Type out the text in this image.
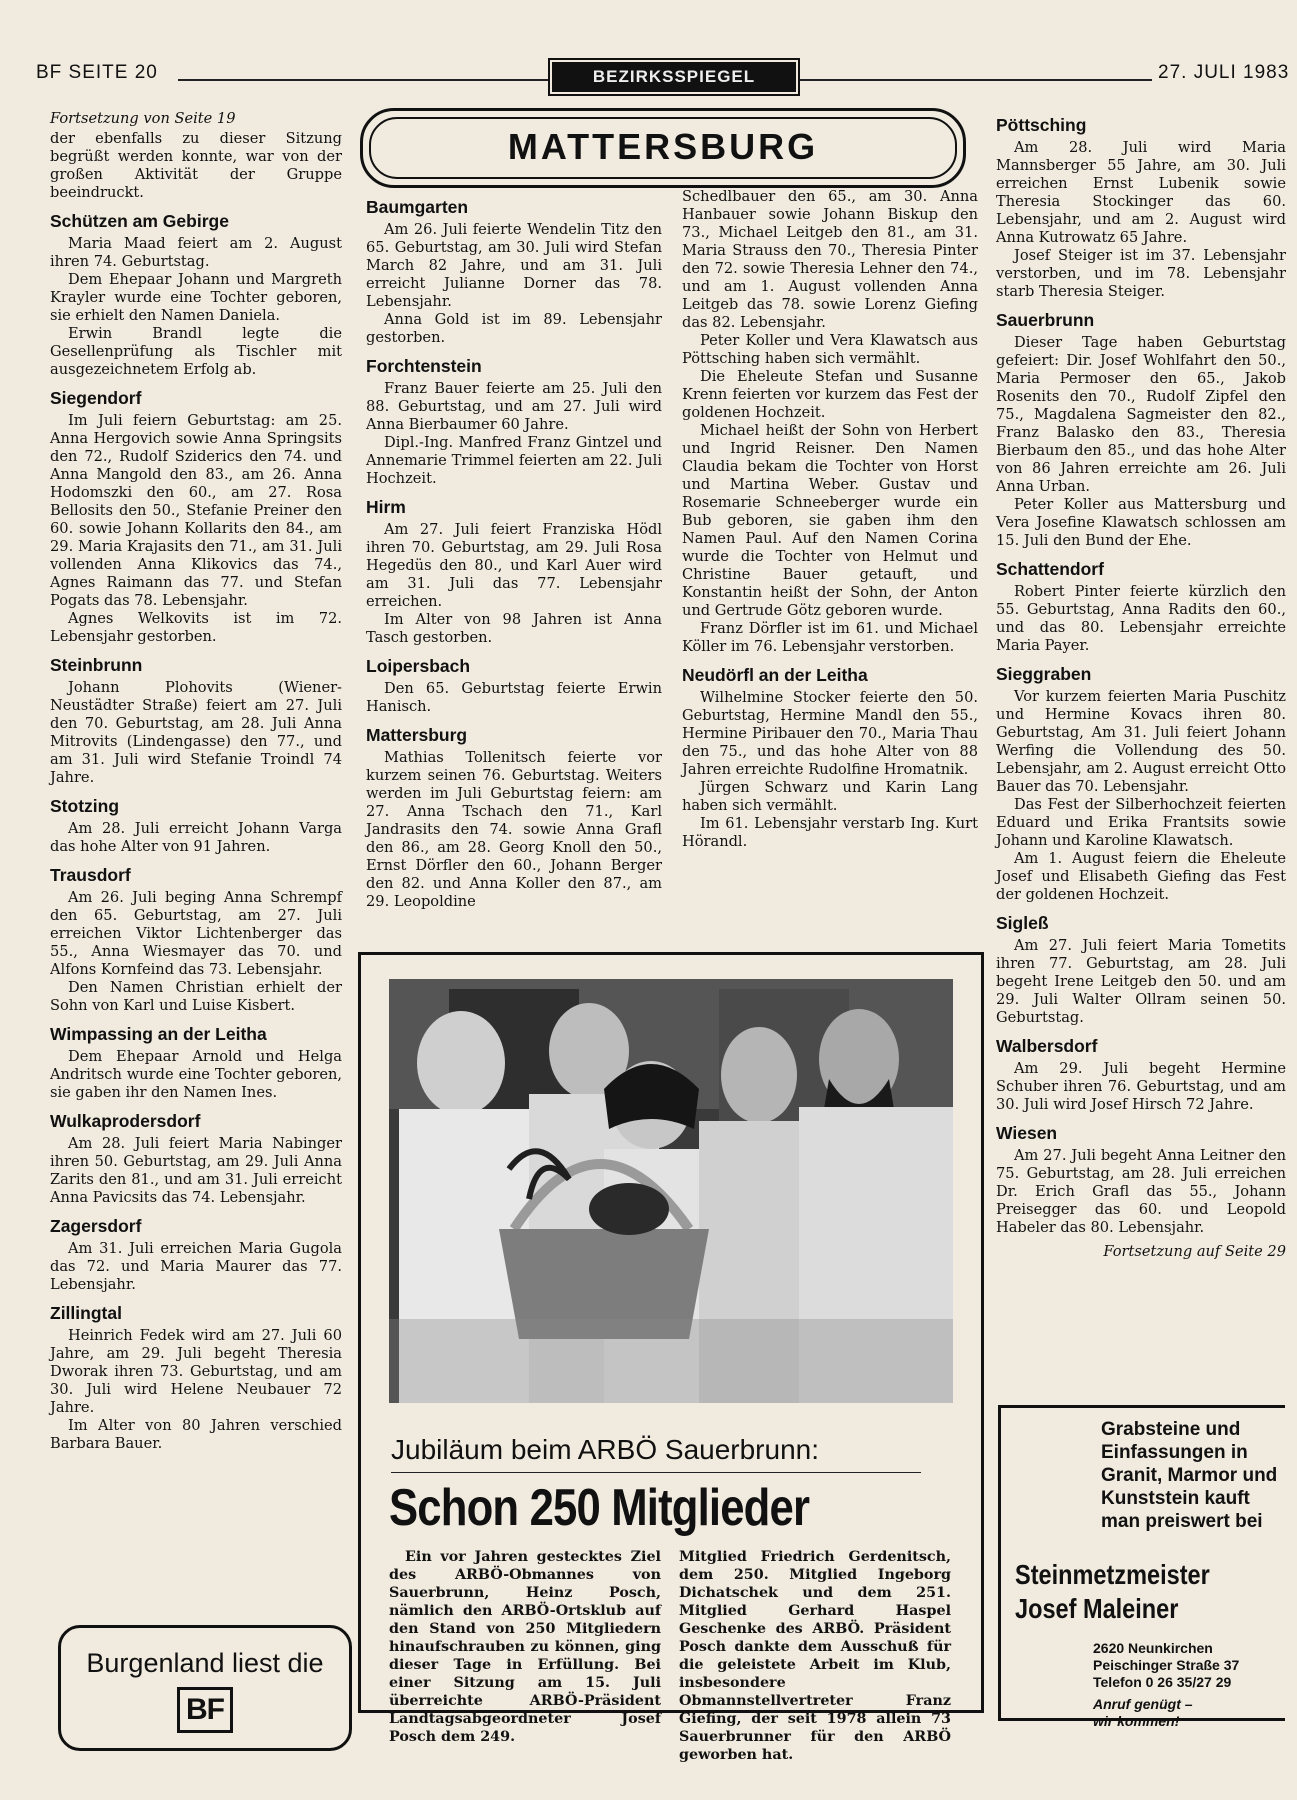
BF SEITE 20	BEZIRKSSPIEGEL	27. JULI 1983
MATTERSBURG

Fortsetzung von Seite 19

der ebenfalls zu dieser Sitzung begrüßt werden konnte, war von der großen Aktivität der Gruppe beeindruckt.

Schützen am Gebirge

Maria Maad feiert am 2. August ihren 74. Geburtstag.

Dem Ehepaar Johann und Margreth Krayler wurde eine Tochter geboren, sie erhielt den Namen Daniela.

Erwin Brandl legte die Gesellenprüfung als Tischler mit ausgezeichnetem Erfolg ab.

Siegendorf

Im Juli feiern Geburtstag: am 25. Anna Hergovich sowie Anna Springsits den 72., Rudolf Sziderics den 74. und Anna Mangold den 83., am 26. Anna Hodomszki den 60., am 27. Rosa Bellosits den 50., Stefanie Preiner den 60. sowie Johann Kollarits den 84., am 29. Maria Krajasits den 71., am 31. Juli vollenden Anna Klikovics das 74., Agnes Raimann das 77. und Stefan Pogats das 78. Lebensjahr.

Agnes Welkovits ist im 72. Lebensjahr gestorben.

Steinbrunn

Johann Plohovits (Wiener-Neustädter Straße) feiert am 27. Juli den 70. Geburtstag, am 28. Juli Anna Mitrovits (Lindengasse) den 77., und am 31. Juli wird Stefanie Troindl 74 Jahre.

Stotzing

Am 28. Juli erreicht Johann Varga das hohe Alter von 91 Jahren.

Trausdorf

Am 26. Juli beging Anna Schrempf den 65. Geburtstag, am 27. Juli erreichen Viktor Lichtenberger das 55., Anna Wiesmayer das 70. und Alfons Kornfeind das 73. Lebensjahr.

Den Namen Christian erhielt der Sohn von Karl und Luise Kisbert.

Wimpassing an der Leitha

Dem Ehepaar Arnold und Helga Andritsch wurde eine Tochter geboren, sie gaben ihr den Namen Ines.

Wulkaprodersdorf

Am 28. Juli feiert Maria Nabinger ihren 50. Geburtstag, am 29. Juli Anna Zarits den 81., und am 31. Juli erreicht Anna Pavicsits das 74. Lebensjahr.

Zagersdorf

Am 31. Juli erreichen Maria Gugola das 72. und Maria Maurer das 77. Lebensjahr.

Zillingtal

Heinrich Fedek wird am 27. Juli 60 Jahre, am 29. Juli begeht Theresia Dworak ihren 73. Geburtstag, und am 30. Juli wird Helene Neubauer 72 Jahre.

Im Alter von 80 Jahren verschied Barbara Bauer.

Baumgarten

Am 26. Juli feierte Wendelin Titz den 65. Geburtstag, am 30. Juli wird Stefan March 82 Jahre, und am 31. Juli erreicht Julianne Dorner das 78. Lebensjahr.

Anna Gold ist im 89. Lebensjahr gestorben.

Forchtenstein

Franz Bauer feierte am 25. Juli den 88. Geburtstag, und am 27. Juli wird Anna Bierbaumer 60 Jahre.

Dipl.-Ing. Manfred Franz Gintzel und Annemarie Trimmel feierten am 22. Juli Hochzeit.

Hirm

Am 27. Juli feiert Franziska Hödl ihren 70. Geburtstag, am 29. Juli Rosa Hegedüs den 80., und Karl Auer wird am 31. Juli das 77. Lebensjahr erreichen.

Im Alter von 98 Jahren ist Anna Tasch gestorben.

Loipersbach

Den 65. Geburtstag feierte Erwin Hanisch.

Mattersburg

Mathias Tollenitsch feierte vor kurzem seinen 76. Geburtstag. Weiters werden im Juli Geburtstag feiern: am 27. Anna Tschach den 71., Karl Jandrasits den 74. sowie Anna Grafl den 86., am 28. Georg Knoll den 50., Ernst Dörfler den 60., Johann Berger den 82. und Anna Koller den 87., am 29. Leopoldine

Schedlbauer den 65., am 30. Anna Hanbauer sowie Johann Biskup den 73., Michael Leitgeb den 81., am 31. Maria Strauss den 70., Theresia Pinter den 72. sowie Theresia Lehner den 74., und am 1. August vollenden Anna Leitgeb das 78. sowie Lorenz Giefing das 82. Lebensjahr.

Peter Koller und Vera Klawatsch aus Pöttsching haben sich vermählt.

Die Eheleute Stefan und Susanne Krenn feierten vor kurzem das Fest der goldenen Hochzeit.

Michael heißt der Sohn von Herbert und Ingrid Reisner. Den Namen Claudia bekam die Tochter von Horst und Martina Weber. Gustav und Rosemarie Schneeberger wurde ein Bub geboren, sie gaben ihm den Namen Paul. Auf den Namen Corina wurde die Tochter von Helmut und Christine Bauer getauft, und Konstantin heißt der Sohn, der Anton und Gertrude Götz geboren wurde.

Franz Dörfler ist im 61. und Michael Köller im 76. Lebensjahr verstorben.

Neudörfl an der Leitha

Wilhelmine Stocker feierte den 50. Geburtstag, Hermine Mandl den 55., Hermine Piribauer den 70., Maria Thau den 75., und das hohe Alter von 88 Jahren erreichte Rudolfine Hromatnik.

Jürgen Schwarz und Karin Lang haben sich vermählt.

Im 61. Lebensjahr verstarb Ing. Kurt Hörandl.

Pöttsching

Am 28. Juli wird Maria Mannsberger 55 Jahre, am 30. Juli erreichen Ernst Lubenik sowie Theresia Stockinger das 60. Lebensjahr, und am 2. August wird Anna Kutrowatz 65 Jahre.

Josef Steiger ist im 37. Lebensjahr verstorben, und im 78. Lebensjahr starb Theresia Steiger.

Sauerbrunn

Dieser Tage haben Geburtstag gefeiert: Dir. Josef Wohlfahrt den 50., Maria Permoser den 65., Jakob Rosenits den 70., Rudolf Zipfel den 75., Magdalena Sagmeister den 82., Franz Balasko den 83., Theresia Bierbaum den 85., und das hohe Alter von 86 Jahren erreichte am 26. Juli Anna Urban.

Peter Koller aus Mattersburg und Vera Josefine Klawatsch schlossen am 15. Juli den Bund der Ehe.

Schattendorf

Robert Pinter feierte kürzlich den 55. Geburtstag, Anna Radits den 60., und das 80. Lebensjahr erreichte Maria Payer.

Sieggraben

Vor kurzem feierten Maria Puschitz und Hermine Kovacs ihren 80. Geburtstag, Am 31. Juli feiert Johann Werfing die Vollendung des 50. Lebensjahr, am 2. August erreicht Otto Bauer das 70. Lebensjahr.

Das Fest der Silberhochzeit feierten Eduard und Erika Frantsits sowie Johann und Karoline Klawatsch.

Am 1. August feiern die Eheleute Josef und Elisabeth Giefing das Fest der goldenen Hochzeit.

Sigleß

Am 27. Juli feiert Maria Tometits ihren 77. Geburtstag, am 28. Juli begeht Irene Leitgeb den 50. und am 29. Juli Walter Ollram seinen 50. Geburtstag.

Walbersdorf

Am 29. Juli begeht Hermine Schuber ihren 76. Geburtstag, und am 30. Juli wird Josef Hirsch 72 Jahre.

Wiesen

Am 27. Juli begeht Anna Leitner den 75. Geburtstag, am 28. Juli erreichen Dr. Erich Grafl das 55., Johann Preisegger das 60. und Leopold Habeler das 80. Lebensjahr.

Fortsetzung auf Seite 29

Jubiläum beim ARBÖ Sauerbrunn:
Schon 250 Mitglieder

Ein vor Jahren gestecktes Ziel des ARBÖ-Obmannes von Sauerbrunn, Heinz Posch, nämlich den ARBÖ-Ortsklub auf den Stand von 250 Mitgliedern hinaufschrauben zu können, ging dieser Tage in Erfüllung. Bei einer Sitzung am 15. Juli überreichte ARBÖ-Präsident Landtagsabgeordneter Josef Posch dem 249.

Mitglied Friedrich Gerdenitsch, dem 250. Mitglied Ingeborg Dichatschek und dem 251. Mitglied Gerhard Haspel Geschenke des ARBÖ. Präsident Posch dankte dem Ausschuß für die geleistete Arbeit im Klub, insbesondere Obmannstellvertreter Franz Giefing, der seit 1978 allein 73 Sauerbrunner für den ARBÖ geworben hat.

Burgenland liest die
BF
Grabsteine und Einfassungen in Granit, Marmor und Kunststein kauft man preiswert bei
Steinmetzmeister
Josef Maleiner

2620 Neunkirchen

Peischinger Straße 37

Telefon 0 26 35/27 29

Anruf genügt –

wir kommen!
